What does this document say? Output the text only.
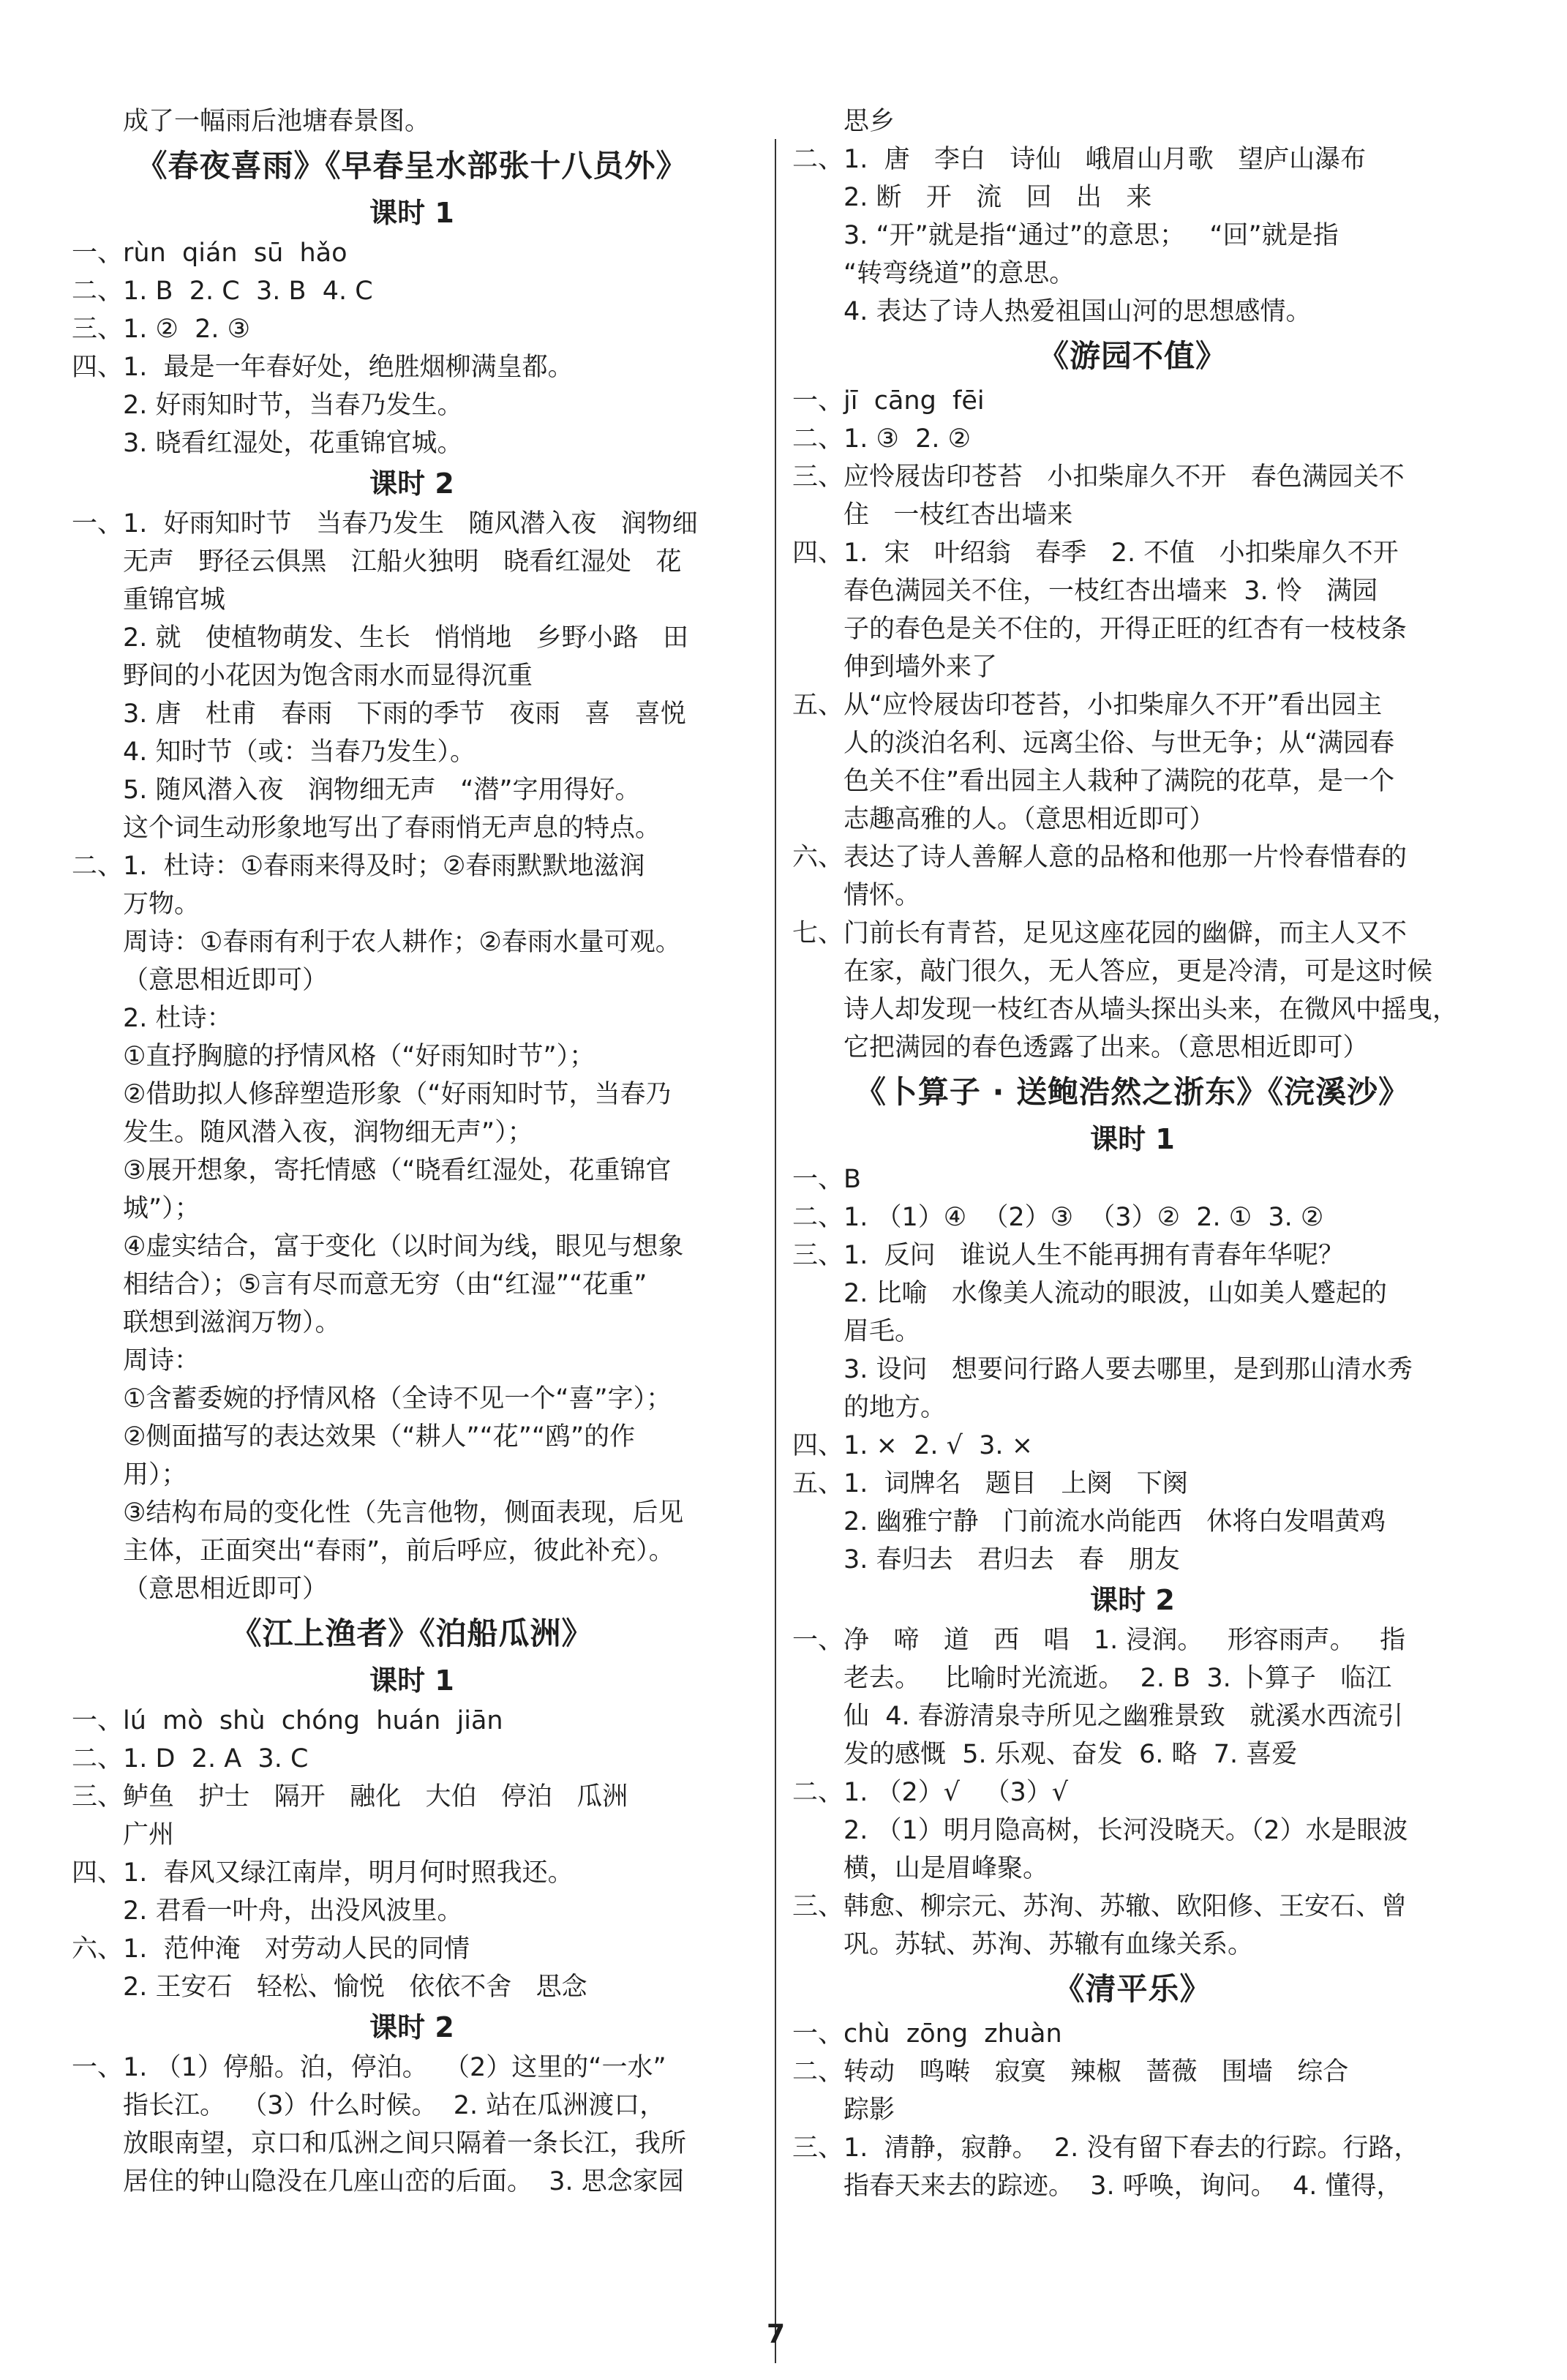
成了一幅雨后池塘春景图。
《春夜喜雨》《早春呈水部张十八员外》
课时 1
一、rùn  qián  sū  hǎo
二、1. B  2. C  3. B  4. C
三、1. ②  2. ③
四、1.  最是一年春好处，绝胜烟柳满皇都。
2. 好雨知时节，当春乃发生。
3. 晓看红湿处，花重锦官城。
课时 2
一、1.  好雨知时节   当春乃发生   随风潜入夜   润物细
无声   野径云俱黑   江船火独明   晓看红湿处   花
重锦官城
2. 就   使植物萌发、生长   悄悄地   乡野小路   田
野间的小花因为饱含雨水而显得沉重
3. 唐   杜甫   春雨   下雨的季节   夜雨   喜   喜悦
4. 知时节（或：当春乃发生）。
5. 随风潜入夜   润物细无声   “潜”字用得好。
这个词生动形象地写出了春雨悄无声息的特点。
二、1.  杜诗：①春雨来得及时；②春雨默默地滋润
万物。
周诗：①春雨有利于农人耕作；②春雨水量可观。
（意思相近即可）
2. 杜诗：
①直抒胸臆的抒情风格（“好雨知时节”）；
②借助拟人修辞塑造形象（“好雨知时节，当春乃
发生。随风潜入夜，润物细无声”）；
③展开想象，寄托情感（“晓看红湿处，花重锦官
城”）；
④虚实结合，富于变化（以时间为线，眼见与想象
相结合）；⑤言有尽而意无穷（由“红湿”“花重”
联想到滋润万物）。
周诗：
①含蓄委婉的抒情风格（全诗不见一个“喜”字）；
②侧面描写的表达效果（“耕人”“花”“鸥”的作
用）；
③结构布局的变化性（先言他物，侧面表现，后见
主体，正面突出“春雨”，前后呼应，彼此补充）。
（意思相近即可）
《江上渔者》《泊船瓜洲》
课时 1
一、lú  mò  shù  chóng  huán  jiān
二、1. D  2. A  3. C
三、鲈鱼   护士   隔开   融化   大伯   停泊   瓜洲
广州
四、1.  春风又绿江南岸，明月何时照我还。
2. 君看一叶舟，出没风波里。
六、1.  范仲淹   对劳动人民的同情
2. 王安石   轻松、愉悦   依依不舍   思念
课时 2
一、1. （1）停船。泊，停泊。  （2）这里的“一水”
指长江。  （3）什么时候。  2. 站在瓜洲渡口，
放眼南望，京口和瓜洲之间只隔着一条长江，我所
居住的钟山隐没在几座山峦的后面。  3. 思念家园
思乡
二、1.  唐   李白   诗仙   峨眉山月歌   望庐山瀑布
2. 断   开   流   回   出   来
3. “开”就是指“通过”的意思；   “回”就是指
“转弯绕道”的意思。
4. 表达了诗人热爱祖国山河的思想感情。
《游园不值》
一、jī  cāng  fēi
二、1. ③  2. ②
三、应怜屐齿印苍苔   小扣柴扉久不开   春色满园关不
住   一枝红杏出墙来
四、1.  宋   叶绍翁   春季   2. 不值   小扣柴扉久不开
春色满园关不住，一枝红杏出墙来  3. 怜   满园
子的春色是关不住的，开得正旺的红杏有一枝枝条
伸到墙外来了
五、从“应怜屐齿印苍苔，小扣柴扉久不开”看出园主
人的淡泊名利、远离尘俗、与世无争；从“满园春
色关不住”看出园主人栽种了满院的花草，是一个
志趣高雅的人。（意思相近即可）
六、表达了诗人善解人意的品格和他那一片怜春惜春的
情怀。
七、门前长有青苔，足见这座花园的幽僻，而主人又不
在家，敲门很久，无人答应，更是冷清，可是这时候
诗人却发现一枝红杏从墙头探出头来，在微风中摇曳，
它把满园的春色透露了出来。（意思相近即可）
《卜算子 · 送鲍浩然之浙东》《浣溪沙》
课时 1
一、B
二、1. （1）④  （2）③  （3）②  2. ①  3. ②
三、1.  反问   谁说人生不能再拥有青春年华呢？
2. 比喻   水像美人流动的眼波，山如美人蹙起的
眉毛。
3. 设问   想要问行路人要去哪里，是到那山清水秀
的地方。
四、1. ×  2. √  3. ×
五、1.  词牌名   题目   上阕   下阕
2. 幽雅宁静   门前流水尚能西   休将白发唱黄鸡
3. 春归去   君归去   春   朋友
课时 2
一、净   啼   道   西   唱   1. 浸润。   形容雨声。   指
老去。   比喻时光流逝。  2. B  3. 卜算子   临江
仙  4. 春游清泉寺所见之幽雅景致   就溪水西流引
发的感慨  5. 乐观、奋发  6. 略  7. 喜爱
二、1. （2）√   （3）√
2. （1）明月隐高树，长河没晓天。（2）水是眼波
横，山是眉峰聚。
三、韩愈、柳宗元、苏洵、苏辙、欧阳修、王安石、曾
巩。苏轼、苏洵、苏辙有血缘关系。
《清平乐》
一、chù  zōng  zhuàn
二、转动   鸣啭   寂寞   辣椒   蔷薇   围墙   综合
踪影
三、1.  清静，寂静。  2. 没有留下春去的行踪。行路，
指春天来去的踪迹。  3. 呼唤，询问。  4. 懂得，
7
